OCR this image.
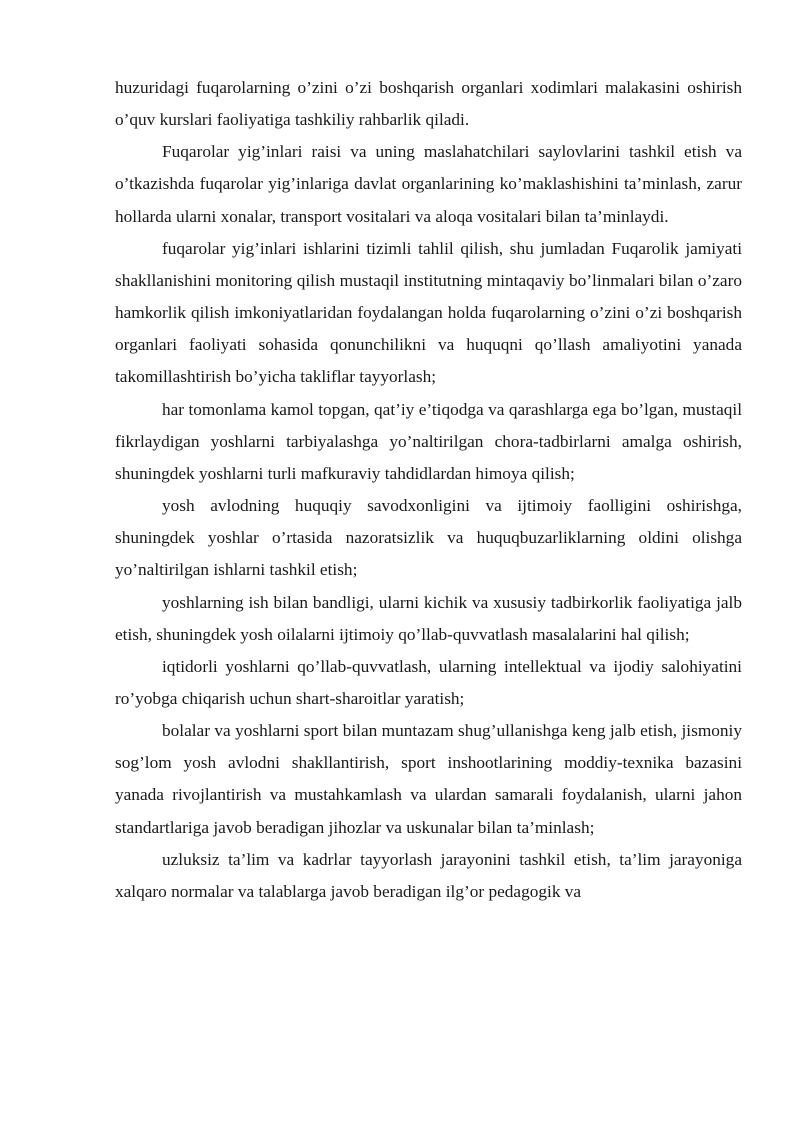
huzuridagi fuqarolarning o’zini o’zi boshqarish organlari xodimlari malakasini oshirish o’quv kurslari faoliyatiga tashkiliy rahbarlik qiladi.

Fuqarolar yig’inlari raisi va uning maslahatchilari saylovlarini tashkil etish va o’tkazishda fuqarolar yig’inlariga davlat organlarining ko’maklashishini ta’minlash, zarur hollarda ularni xonalar, transport vositalari va aloqa vositalari bilan ta’minlaydi.

fuqarolar yig’inlari ishlarini tizimli tahlil qilish, shu jumladan Fuqarolik jamiyati shakllanishini monitoring qilish mustaqil institutning mintaqaviy bo’linmalari bilan o’zaro hamkorlik qilish imkoniyatlaridan foydalangan holda fuqarolarning o’zini o’zi boshqarish organlari faoliyati sohasida qonunchilikni va huquqni qo’llash amaliyotini yanada takomillashtirish bo’yicha takliflar tayyorlash;

har tomonlama kamol topgan, qat’iy e’tiqodga va qarashlarga ega bo’lgan, mustaqil fikrlaydigan yoshlarni tarbiyalashga yo’naltirilgan chora-tadbirlarni amalga oshirish, shuningdek yoshlarni turli mafkuraviy tahdidlardan himoya qilish;

yosh avlodning huquqiy savodxonligini va ijtimoiy faolligini oshirishga, shuningdek yoshlar o’rtasida nazoratsizlik va huquqbuzarliklarning oldini olishga yo’naltirilgan ishlarni tashkil etish;

yoshlarning ish bilan bandligi, ularni kichik va xususiy tadbirkorlik faoliyatiga jalb etish, shuningdek yosh oilalarni ijtimoiy qo’llab-quvvatlash masalalarini hal qilish;

iqtidorli yoshlarni qo’llab-quvvatlash, ularning intellektual va ijodiy salohiyatini ro’yobga chiqarish uchun shart-sharoitlar yaratish;

bolalar va yoshlarni sport bilan muntazam shug’ullanishga keng jalb etish, jismoniy sog’lom yosh avlodni shakllantirish, sport inshootlarining moddiy-texnika bazasini yanada rivojlantirish va mustahkamlash va ulardan samarali foydalanish, ularni jahon standartlariga javob beradigan jihozlar va uskunalar bilan ta’minlash;

uzluksiz ta’lim va kadrlar tayyorlash jarayonini tashkil etish, ta’lim jarayoniga xalqaro normalar va talablarga javob beradigan ilg’or pedagogik va
